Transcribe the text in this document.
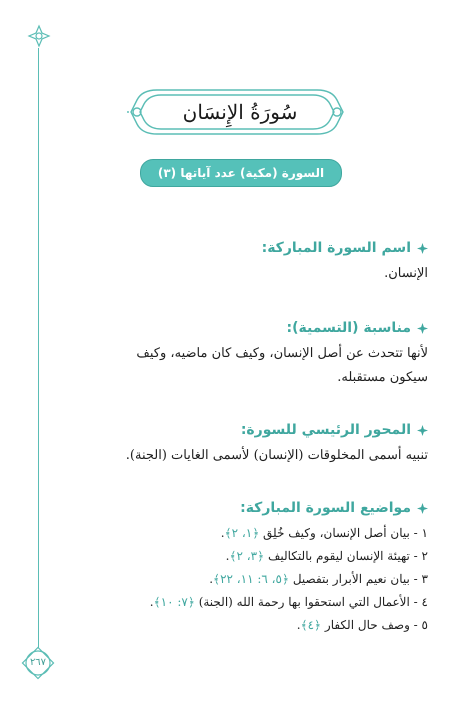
٢٦٧
سُورَةُ الإِنسَان
السورة (مكية) عدد آياتها (٣)
اسم السورة المباركة:
الإنسان.
مناسبة (التسمية):
لأنها تتحدث عن أصل الإنسان، وكيف كان ماضيه، وكيف
سيكون مستقبله.
المحور الرئيسي للسورة:
تنبيه أسمى المخلوقات (الإنسان) لأسمى الغايات (الجنة).
مواضيع السورة المباركة:
١ - بيان أصل الإنسان، وكيف خُلِق ﴿١، ٢﴾.
٢ - تهيئة الإنسان ليقوم بالتكاليف ﴿٣، ٢﴾.
٣ - بيان نعيم الأبرار بتفصيل ﴿٥، ٦: ١١، ٢٢﴾.
٤ - الأعمال التي استحقوا بها رحمة الله (الجنة) ﴿٧: ١٠﴾.
٥ - وصف حال الكفار ﴿٤﴾.
